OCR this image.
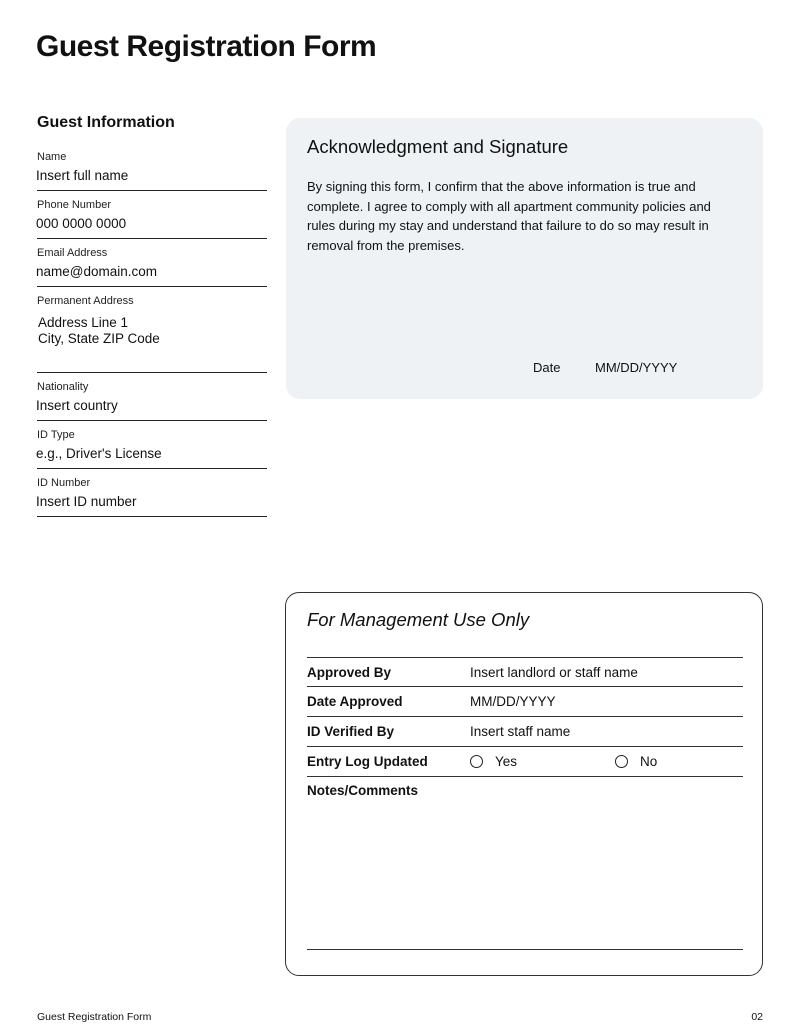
Guest Registration Form
Guest Information
Name
Insert full name
Phone Number
000 0000 0000
Email Address
name@domain.com
Permanent Address
Address Line 1
City, State ZIP Code
Nationality
Insert country
ID Type
e.g., Driver's License
ID Number
Insert ID number
Acknowledgment and Signature

By signing this form, I confirm that the above information is true and complete. I agree to comply with all apartment community policies and rules during my stay and understand that failure to do so may result in removal from the premises.

Date	MM/DD/YYYY
For Management Use Only
Approved By	Insert landlord or staff name
Date Approved	MM/DD/YYYY
ID Verified By	Insert staff name
Entry Log Updated	Yes	No
Notes/Comments
Guest Registration Form	02
